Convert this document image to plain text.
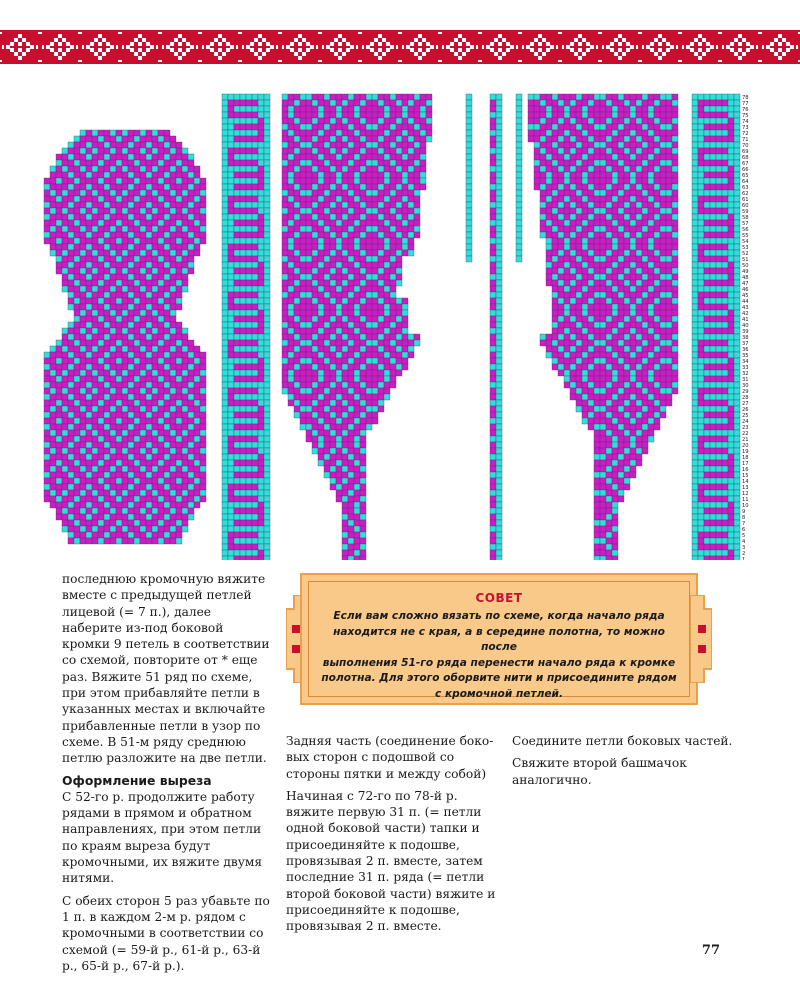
78
77
76
75
74
73
72
71
70
69
68
67
66
65
64
63
62
61
60
59
58
57
56
55
54
53
52
51
50
49
48
47
46
45
44
43
42
41
40
39
38
37
36
35
34
33
32
31
30
29
28
27
26
25
24
23
22
21
20
19
18
17
16
15
14
13
12
11
10
9
8
7
6
5
4
3
2
1

последнюю кромочную вяжите вместе с предыдущей петлей лицевой (= 7 п.), далее наберите из-под боковой кромки 9 петель в соответствии со схемой, повторите от * еще раз. Вяжите 51 ряд по схеме, при этом прибавляйте петли в указанных местах и включайте прибавленные петли в узор по схеме. В 51-м ряду среднюю петлю разложите на две петли.

Оформление выреза

С 52-го р. продолжите работу рядами в прямом и обратном направлениях, при этом петли по краям выреза будут кромочными, их вяжите двумя нитями.

С обеих сторон 5 раз убавьте по 1 п. в каждом 2-м р. рядом с кромочными в соответствии со схемой (= 59-й р., 61-й р., 63-й р., 65-й р., 67-й р.).

СОВЕТ
Если вам сложно вязать по схеме, когда начало ряда
находится не с края, а в середине полотна, то можно после
выполнения 51-го ряда перенести начало ряда к кромке
полотна. Для этого оборвите нити и присоедините рядом
с кромочной петлей.

Задняя часть (соединение боковых сторон с подошвой со стороны пятки и между собой)

Начиная с 72-го по 78-й р. вяжите первую 31 п. (= петли одной боковой части) тапки и присоединяйте к подошве, провязывая 2 п. вместе, затем последние 31 п. ряда (= петли второй боковой части) вяжите и присоединяйте к подошве, провязывая 2 п. вместе.

Соедините петли боковых частей.

Свяжите второй башмачок аналогично.

77
